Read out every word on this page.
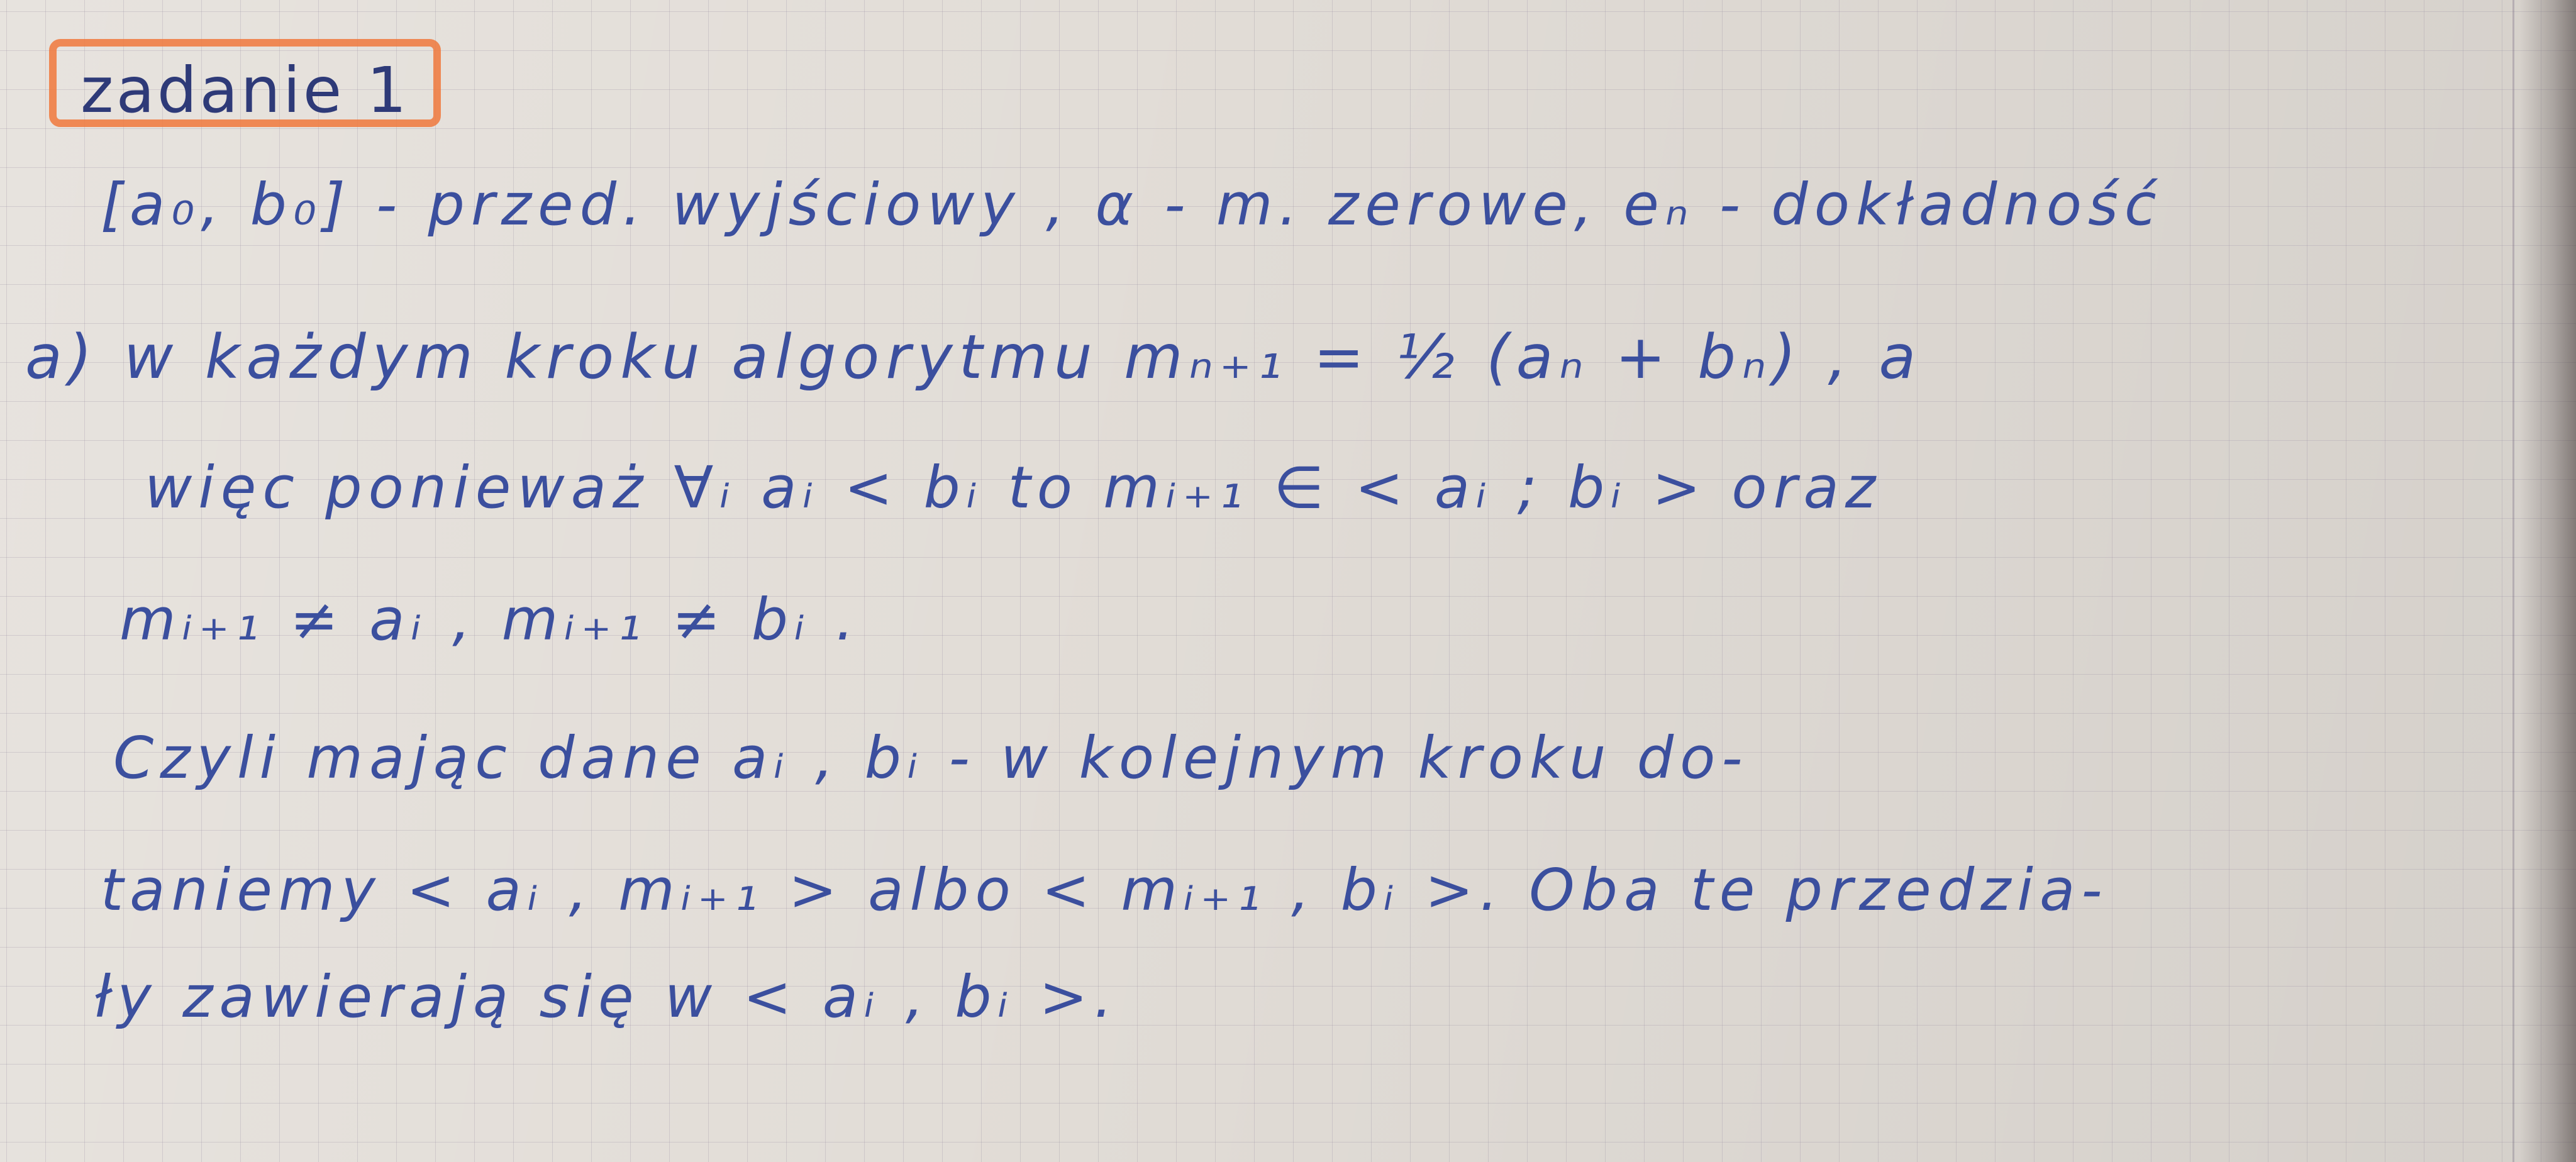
zadanie 1
[a₀, b₀] - przed. wyjściowy , α - m. zerowe, eₙ - dokładność
a) w każdym kroku algorytmu mₙ₊₁ = ½ (aₙ + bₙ) , a
więc ponieważ ∀ᵢ aᵢ < bᵢ to mᵢ₊₁ ∈ < aᵢ ; bᵢ > oraz
mᵢ₊₁ ≠ aᵢ , mᵢ₊₁ ≠ bᵢ .
Czyli mając dane aᵢ , bᵢ - w kolejnym kroku do-
taniemy < aᵢ , mᵢ₊₁ > albo < mᵢ₊₁ , bᵢ >. Oba te przedzia-
ły zawierają się w < aᵢ , bᵢ >.
